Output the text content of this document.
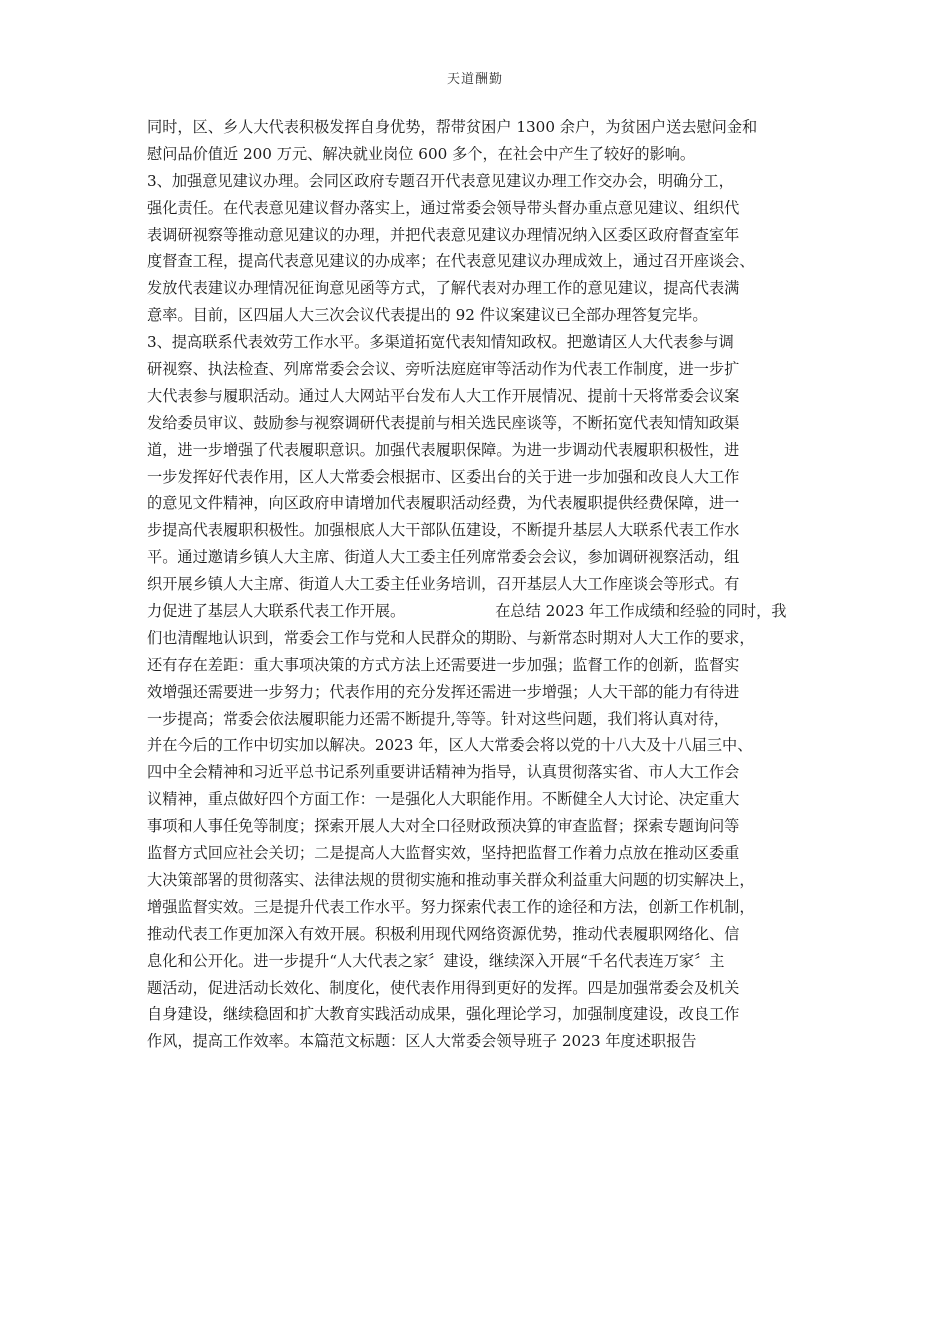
天道酬勤
同时，区、乡人大代表积极发挥自身优势，帮带贫困户 1300 余户，为贫困户送去慰问金和
慰问品价值近 200 万元、解决就业岗位 600 多个，在社会中产生了较好的影响。
3、加强意见建议办理。会同区政府专题召开代表意见建议办理工作交办会，明确分工，
强化责任。在代表意见建议督办落实上，通过常委会领导带头督办重点意见建议、组织代
表调研视察等推动意见建议的办理，并把代表意见建议办理情况纳入区委区政府督查室年
度督查工程，提高代表意见建议的办成率；在代表意见建议办理成效上，通过召开座谈会、
发放代表建议办理情况征询意见函等方式，了解代表对办理工作的意见建议，提高代表满
意率。目前，区四届人大三次会议代表提出的 92 件议案建议已全部办理答复完毕。
3、提高联系代表效劳工作水平。多渠道拓宽代表知情知政权。把邀请区人大代表参与调
研视察、执法检查、列席常委会会议、旁听法庭庭审等活动作为代表工作制度，进一步扩
大代表参与履职活动。通过人大网站平台发布人大工作开展情况、提前十天将常委会议案
发给委员审议、鼓励参与视察调研代表提前与相关选民座谈等，不断拓宽代表知情知政渠
道，进一步增强了代表履职意识。加强代表履职保障。为进一步调动代表履职积极性，进
一步发挥好代表作用，区人大常委会根据市、区委出台的关于进一步加强和改良人大工作
的意见文件精神，向区政府申请增加代表履职活动经费，为代表履职提供经费保障，进一
步提高代表履职积极性。加强根底人大干部队伍建设，不断提升基层人大联系代表工作水
平。通过邀请乡镇人大主席、街道人大工委主任列席常委会会议，参加调研视察活动，组
织开展乡镇人大主席、街道人大工委主任业务培训，召开基层人大工作座谈会等形式。有
力促进了基层人大联系代表工作开展。	在总结 2023 年工作成绩和经验的同时，我
们也清醒地认识到，常委会工作与党和人民群众的期盼、与新常态时期对人大工作的要求，
还有存在差距：重大事项决策的方式方法上还需要进一步加强；监督工作的创新，监督实
效增强还需要进一步努力；代表作用的充分发挥还需进一步增强；人大干部的能力有待进
一步提高；常委会依法履职能力还需不断提升,等等。针对这些问题，我们将认真对待，
并在今后的工作中切实加以解决。2023 年，区人大常委会将以党的十八大及十八届三中、
四中全会精神和习近平总书记系列重要讲话精神为指导，认真贯彻落实省、市人大工作会
议精神，重点做好四个方面工作：一是强化人大职能作用。不断健全人大讨论、决定重大
事项和人事任免等制度；探索开展人大对全口径财政预决算的审查监督；探索专题询问等
监督方式回应社会关切；二是提高人大监督实效，坚持把监督工作着力点放在推动区委重
大决策部署的贯彻落实、法律法规的贯彻实施和推动事关群众利益重大问题的切实解决上，
增强监督实效。三是提升代表工作水平。努力探索代表工作的途径和方法，创新工作机制，
推动代表工作更加深入有效开展。积极利用现代网络资源优势，推动代表履职网络化、信
息化和公开化。进一步提升“人大代表之家〞建设，继续深入开展“千名代表连万家〞主
题活动，促进活动长效化、制度化，使代表作用得到更好的发挥。四是加强常委会及机关
自身建设，继续稳固和扩大教育实践活动成果，强化理论学习，加强制度建设，改良工作
作风，提高工作效率。本篇范文标题：区人大常委会领导班子 2023 年度述职报告
